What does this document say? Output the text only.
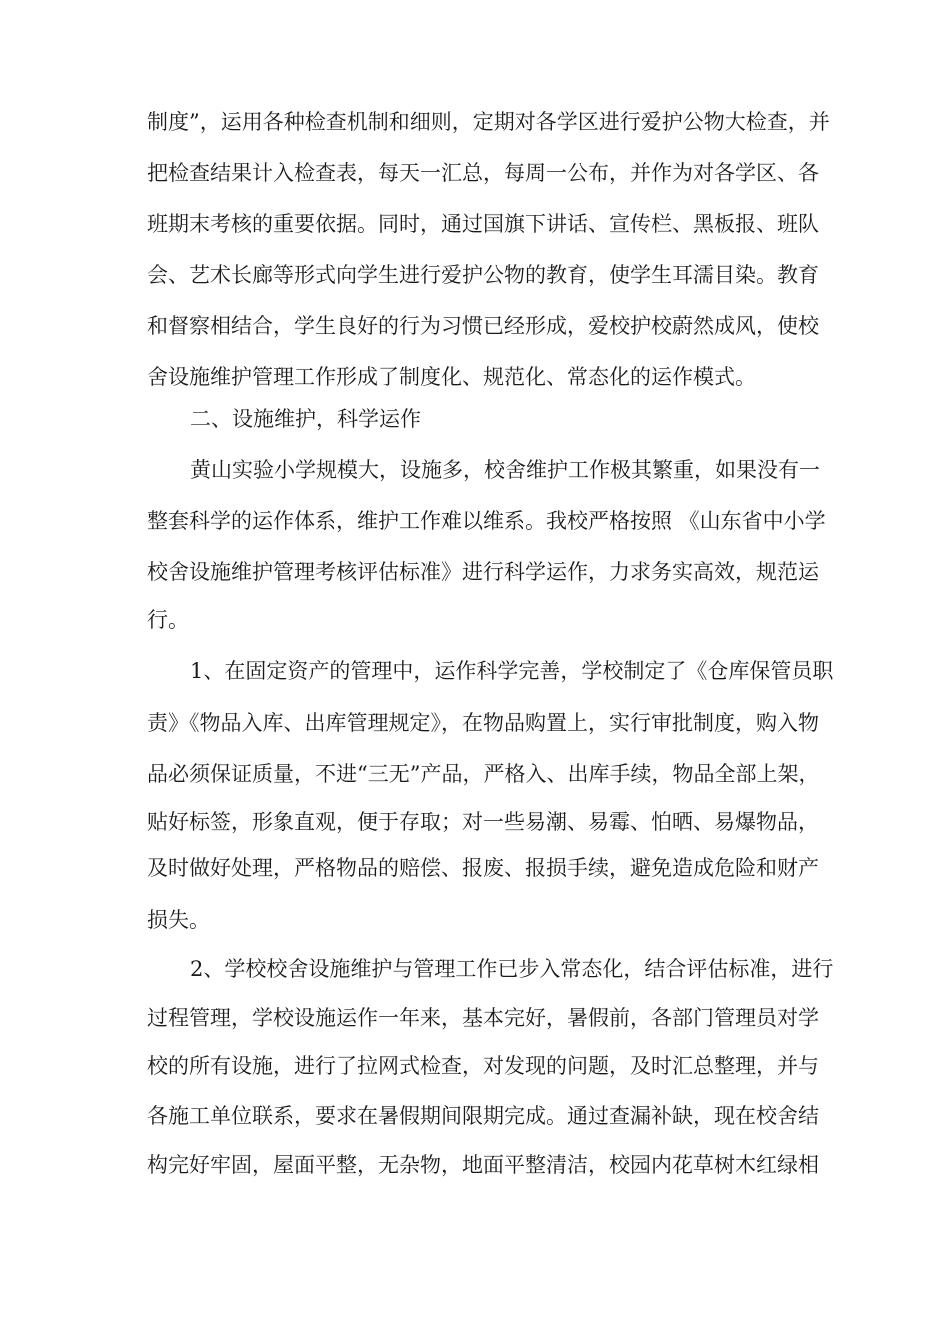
制度”，运用各种检查机制和细则，定期对各学区进行爱护公物大检查，并
把检查结果计入检查表，每天一汇总，每周一公布，并作为对各学区、各
班期末考核的重要依据。同时，通过国旗下讲话、宣传栏、黑板报、班队
会、艺术长廊等形式向学生进行爱护公物的教育，使学生耳濡目染。教育
和督察相结合，学生良好的行为习惯已经形成，爱校护校蔚然成风，使校
舍设施维护管理工作形成了制度化、规范化、常态化的运作模式。
二、设施维护，科学运作
黄山实验小学规模大，设施多，校舍维护工作极其繁重，如果没有一
整套科学的运作体系，维护工作难以维系。我校严格按照 《山东省中小学
校舍设施维护管理考核评估标准》进行科学运作，力求务实高效，规范运
行。
1、在固定资产的管理中，运作科学完善，学校制定了《仓库保管员职
责》《物品入库、出库管理规定》，在物品购置上，实行审批制度，购入物
品必须保证质量，不进“三无”产品，严格入、出库手续，物品全部上架，
贴好标签，形象直观，便于存取；对一些易潮、易霉、怕晒、易爆物品，
及时做好处理，严格物品的赔偿、报废、报损手续，避免造成危险和财产
损失。
2、学校校舍设施维护与管理工作已步入常态化，结合评估标准，进行
过程管理，学校设施运作一年来，基本完好，暑假前，各部门管理员对学
校的所有设施，进行了拉网式检查，对发现的问题，及时汇总整理，并与
各施工单位联系，要求在暑假期间限期完成。通过查漏补缺，现在校舍结
构完好牢固，屋面平整，无杂物，地面平整清洁，校园内花草树木红绿相
